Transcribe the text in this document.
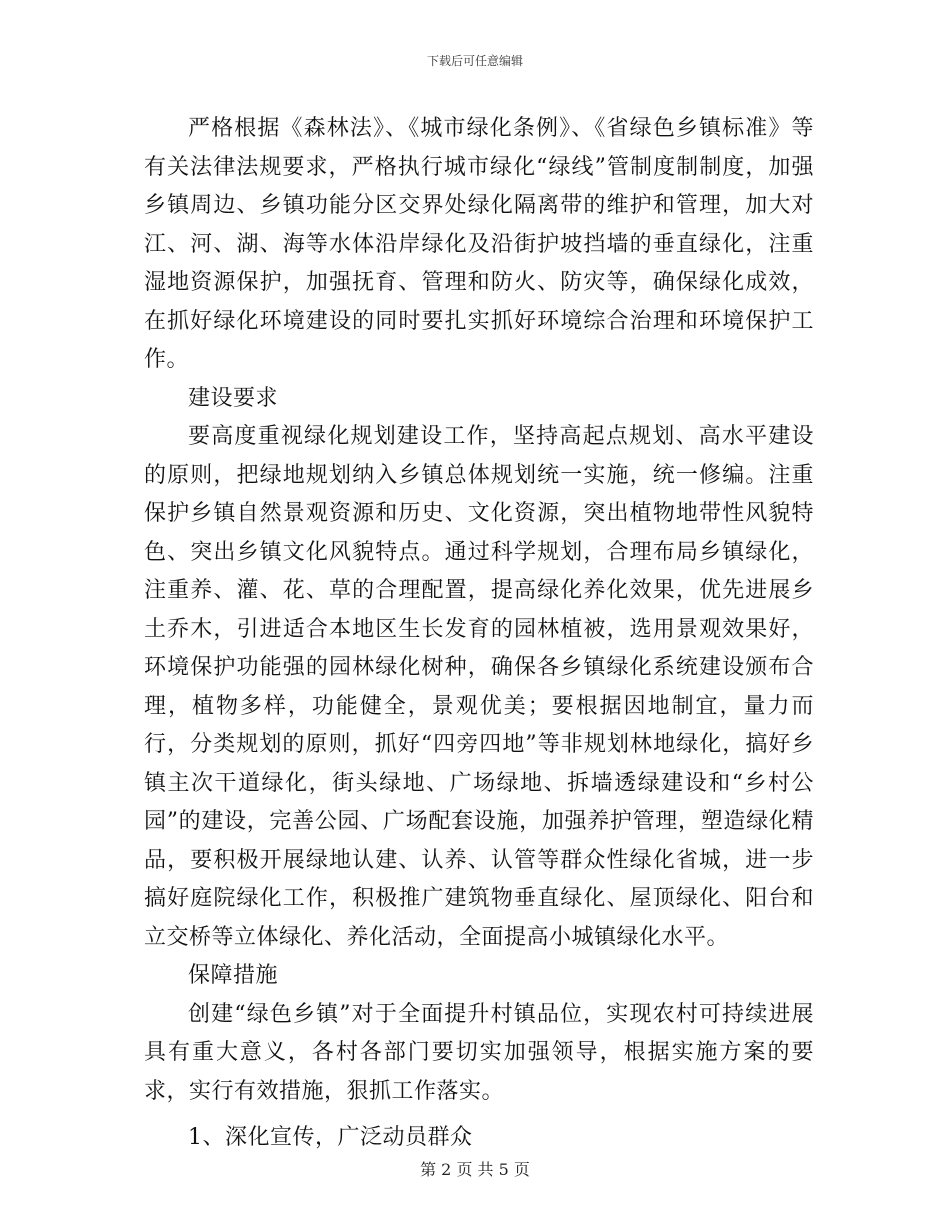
下载后可任意编辑

严格根据《森林法》、《城市绿化条例》、《省绿色乡镇标准》等有关法律法规要求，严格执行城市绿化“绿线”管制度制制度，加强乡镇周边、乡镇功能分区交界处绿化隔离带的维护和管理，加大对江、河、湖、海等水体沿岸绿化及沿街护坡挡墙的垂直绿化，注重湿地资源保护，加强抚育、管理和防火、防灾等，确保绿化成效，在抓好绿化环境建设的同时要扎实抓好环境综合治理和环境保护工作。

建设要求

要高度重视绿化规划建设工作，坚持高起点规划、高水平建设的原则，把绿地规划纳入乡镇总体规划统一实施，统一修编。注重保护乡镇自然景观资源和历史、文化资源，突出植物地带性风貌特色、突出乡镇文化风貌特点。通过科学规划，合理布局乡镇绿化，注重养、灌、花、草的合理配置，提高绿化养化效果，优先进展乡土乔木，引进适合本地区生长发育的园林植被，选用景观效果好，环境保护功能强的园林绿化树种，确保各乡镇绿化系统建设颁布合理，植物多样，功能健全，景观优美；要根据因地制宜，量力而行，分类规划的原则，抓好“四旁四地”等非规划林地绿化，搞好乡镇主次干道绿化，街头绿地、广场绿地、拆墙透绿建设和“乡村公园”的建设，完善公园、广场配套设施，加强养护管理，塑造绿化精品，要积极开展绿地认建、认养、认管等群众性绿化省城，进一步搞好庭院绿化工作，积极推广建筑物垂直绿化、屋顶绿化、阳台和立交桥等立体绿化、养化活动，全面提高小城镇绿化水平。

保障措施

创建“绿色乡镇”对于全面提升村镇品位，实现农村可持续进展具有重大意义，各村各部门要切实加强领导，根据实施方案的要求，实行有效措施，狠抓工作落实。

1、深化宣传，广泛动员群众

第 2 页 共 5 页
